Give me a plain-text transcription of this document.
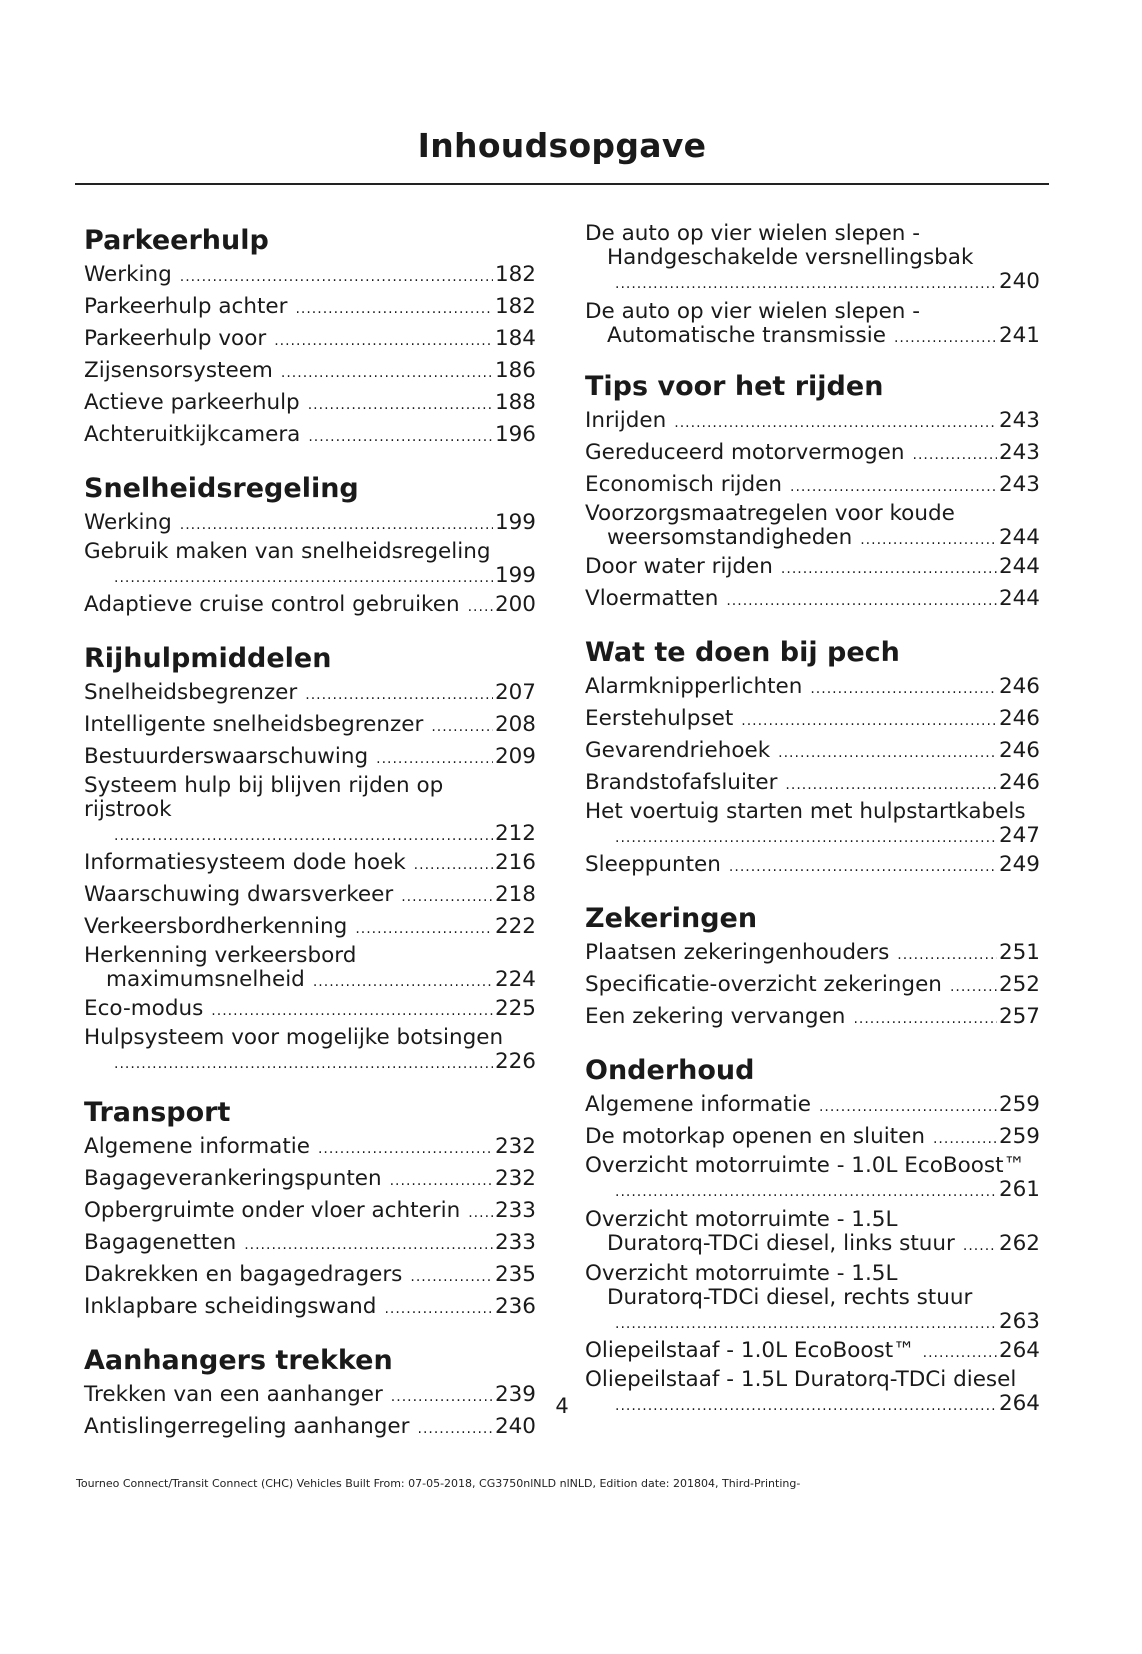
Inhoudsopgave
Parkeerhulp
Werking .....	182
Parkeerhulp achter .....	182
Parkeerhulp voor .....	184
Zijsensorsysteem .....	186
Actieve parkeerhulp .....	188
Achteruitkijkcamera .....	196
Snelheidsregeling
Werking .....	199
Gebruik maken van snelheidsregeling
.....
199
Adaptieve cruise control gebruiken ..... 200
Rijhulpmiddelen
Snelheidsbegrenzer .....	207
Intelligente snelheidsbegrenzer .....	208
Bestuurderswaarschuwing .....	209
Systeem hulp bij blijven rijden op rijstrook
.....
212
Informatiesysteem dode hoek .....	216
Waarschuwing dwarsverkeer .....	218
Verkeersbordherkenning .....	222
Herkenning verkeersbord
maximumsnelheid .....	224
Eco-modus .....	225
Hulpsysteem voor mogelijke botsingen
.....
226
Transport
Algemene informatie .....	232
Bagageverankeringspunten .....	232
Opbergruimte onder vloer achterin ..... 233
Bagagenetten .....	233
Dakrekken en bagagedragers .....	235
Inklapbare scheidingswand .....	236
Aanhangers trekken
Trekken van een aanhanger .....	239
Antislingerregeling aanhanger .....	240
De auto op vier wielen slepen -
Handgeschakelde versnellingsbak
.....
240
De auto op vier wielen slepen -
Automatische transmissie .....	241
Tips voor het rijden
Inrijden .....	243
Gereduceerd motorvermogen .....	243
Economisch rijden .....	243
Voorzorgsmaatregelen voor koude
weersomstandigheden .....	244
Door water rijden .....	244
Vloermatten .....	244
Wat te doen bij pech
Alarmknipperlichten .....	246
Eerstehulpset .....	246
Gevarendriehoek .....	246
Brandstofafsluiter .....	246
Het voertuig starten met hulpstartkabels
.....
247
Sleeppunten .....	249
Zekeringen
Plaatsen zekeringenhouders .....	251
Specificatie-overzicht zekeringen .....	252
Een zekering vervangen .....	257
Onderhoud
Algemene informatie .....	259
De motorkap openen en sluiten .....	259
Overzicht motorruimte - 1.0L EcoBoost™
.....
261
Overzicht motorruimte - 1.5L
Duratorq-TDCi diesel, links stuur ..... 262
Overzicht motorruimte - 1.5L
Duratorq-TDCi diesel, rechts stuur
.....
263
Oliepeilstaaf - 1.0L EcoBoost™ .....	264
Oliepeilstaaf - 1.5L Duratorq-TDCi diesel
.....
264
4
Tourneo Connect/Transit Connect (CHC) Vehicles Built From: 07-05-2018, CG3750nlNLD nlNLD, Edition date: 201804, Third-Printing-
